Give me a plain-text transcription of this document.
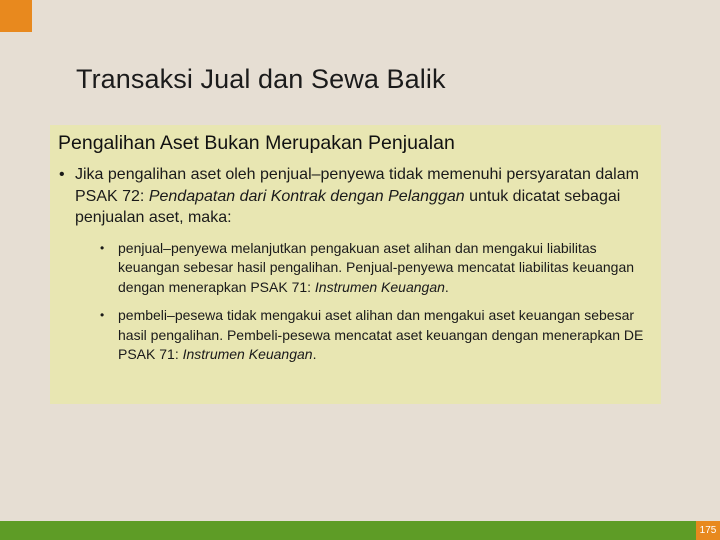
Transaksi Jual dan Sewa Balik
Pengalihan Aset Bukan Merupakan Penjualan
• Jika pengalihan aset oleh penjual–penyewa tidak memenuhi persyaratan dalam PSAK 72: Pendapatan dari Kontrak dengan Pelanggan untuk dicatat sebagai penjualan aset, maka:
• penjual–penyewa melanjutkan pengakuan aset alihan dan mengakui liabilitas keuangan sebesar hasil pengalihan. Penjual-penyewa mencatat liabilitas keuangan dengan menerapkan PSAK 71: Instrumen Keuangan.
• pembeli–pesewa tidak mengakui aset alihan dan mengakui aset keuangan sebesar hasil pengalihan. Pembeli-pesewa mencatat aset keuangan dengan menerapkan DE PSAK 71: Instrumen Keuangan.
175
